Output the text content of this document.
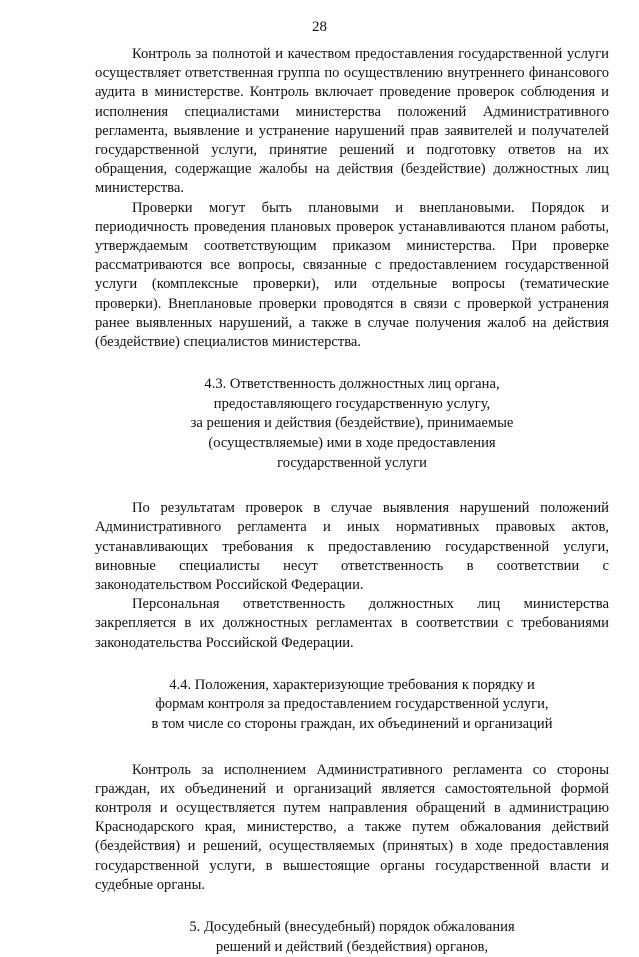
28

Контроль за полнотой и качеством предоставления государственной услуги осуществляет ответственная группа по осуществлению внутреннего финансового аудита в министерстве. Контроль включает проведение проверок соблюдения и исполнения специалистами министерства положений Административного регламента, выявление и устранение нарушений прав заявителей и получателей государственной услуги, принятие решений и подготовку ответов на их обращения, содержащие жалобы на действия (бездействие) должностных лиц министерства.

Проверки могут быть плановыми и внеплановыми. Порядок и периодичность проведения плановых проверок устанавливаются планом работы, утверждаемым соответствующим приказом министерства. При проверке рассматриваются все вопросы, связанные с предоставлением государственной услуги (комплексные проверки), или отдельные вопросы (тематические проверки). Внеплановые проверки проводятся в связи с проверкой устранения ранее выявленных нарушений, а также в случае получения жалоб на действия (бездействие) специалистов министерства.

4.3. Ответственность должностных лиц органа,
предоставляющего государственную услугу,
за решения и действия (бездействие), принимаемые
(осуществляемые) ими в ходе предоставления
государственной услуги

По результатам проверок в случае выявления нарушений положений Административного регламента и иных нормативных правовых актов, устанавливающих требования к предоставлению государственной услуги, виновные специалисты несут ответственность в соответствии с законодательством Российской Федерации.

Персональная ответственность должностных лиц министерства закрепляется в их должностных регламентах в соответствии с требованиями законодательства Российской Федерации.

4.4. Положения, характеризующие требования к порядку и
формам контроля за предоставлением государственной услуги,
в том числе со стороны граждан, их объединений и организаций

Контроль за исполнением Административного регламента со стороны граждан, их объединений и организаций является самостоятельной формой контроля и осуществляется путем направления обращений в администрацию Краснодарского края, министерство, а также путем обжалования действий (бездействия) и решений, осуществляемых (принятых) в ходе предоставления государственной услуги, в вышестоящие органы государственной власти и судебные органы.

5. Досудебный (внесудебный) порядок обжалования
решений и действий (бездействия) органов,
